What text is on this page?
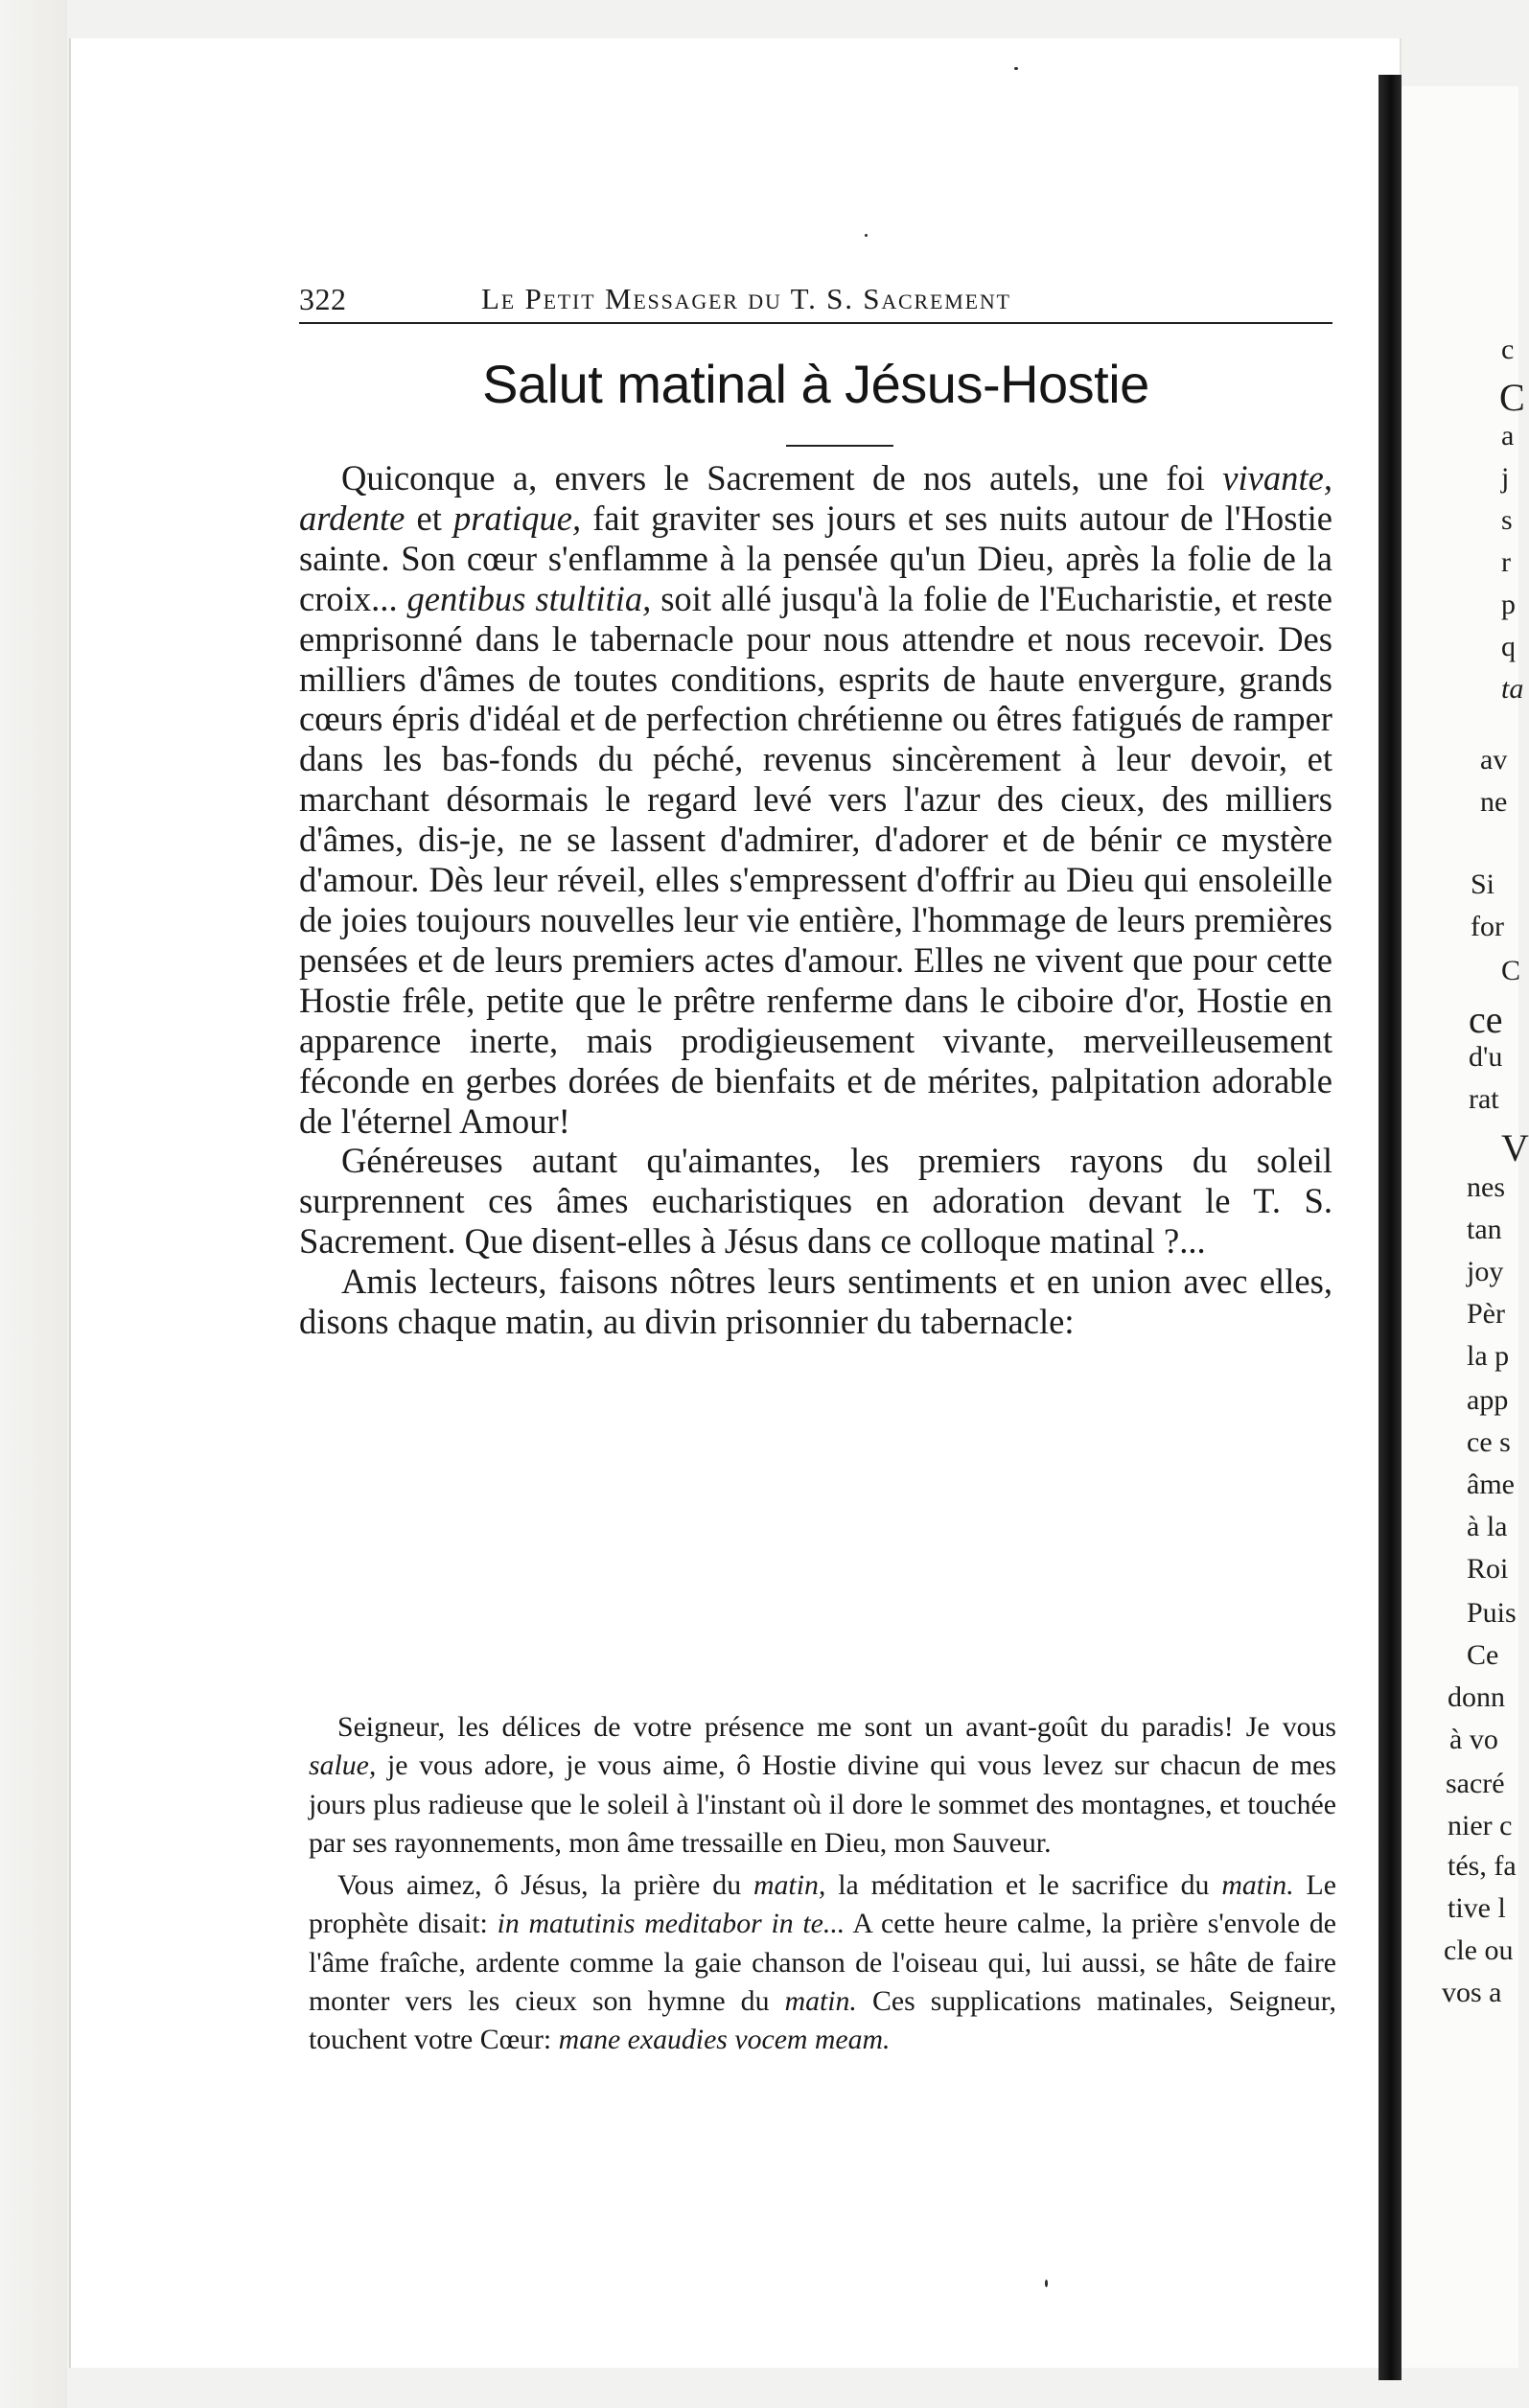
322	Le Petit Messager du T. S. Sacrement
Salut matinal à Jésus-Hostie

Quiconque a, envers le Sacrement de nos autels, une foi vivante, ardente et pratique, fait graviter ses jours et ses nuits autour de l'Hostie sainte. Son cœur s'enflamme à la pensée qu'un Dieu, après la folie de la croix... gentibus stultitia, soit allé jusqu'à la folie de l'Eucharistie, et reste emprisonné dans le tabernacle pour nous attendre et nous recevoir. Des milliers d'âmes de toutes conditions, esprits de haute envergure, grands cœurs épris d'idéal et de perfection chrétienne ou êtres fatigués de ramper dans les bas-fonds du péché, revenus sincèrement à leur devoir, et marchant désormais le regard levé vers l'azur des cieux, des milliers d'âmes, dis-je, ne se lassent d'admirer, d'adorer et de bénir ce mystère d'amour. Dès leur réveil, elles s'empressent d'offrir au Dieu qui ensoleille de joies toujours nouvelles leur vie entière, l'hommage de leurs premières pensées et de leurs premiers actes d'amour. Elles ne vivent que pour cette Hostie frêle, petite que le prêtre renferme dans le ciboire d'or, Hostie en apparence inerte, mais prodigieusement vivante, merveilleusement féconde en gerbes dorées de bienfaits et de mérites, palpitation adorable de l'éternel Amour!

Généreuses autant qu'aimantes, les premiers rayons du soleil surprennent ces âmes eucharistiques en adoration devant le T. S. Sacrement. Que disent-elles à Jésus dans ce colloque matinal ?...

Amis lecteurs, faisons nôtres leurs sentiments et en union avec elles, disons chaque matin, au divin prisonnier du tabernacle:

Seigneur, les délices de votre présence me sont un avant-goût du paradis! Je vous salue, je vous adore, je vous aime, ô Hostie divine qui vous levez sur chacun de mes jours plus radieuse que le soleil à l'instant où il dore le sommet des montagnes, et touchée par ses rayonnements, mon âme tressaille en Dieu, mon Sauveur.

Vous aimez, ô Jésus, la prière du matin, la méditation et le sacrifice du matin. Le prophète disait: in matutinis meditabor in te... A cette heure calme, la prière s'envole de l'âme fraîche, ardente comme la gaie chanson de l'oiseau qui, lui aussi, se hâte de faire monter vers les cieux son hymne du matin. Ces supplications matinales, Seigneur, touchent votre Cœur: mane exaudies vocem meam.

c
C
a
j
s
r
p
q
ta
av
ne
Si
for
C
ce
d'u
rat
V
nes
tan
joy
Pèr
la p
app
ce s
âme
à la
Roi
Puis
Ce
donn
à vo
sacré
nier c
tés, fa
tive l
cle ou
vos a
